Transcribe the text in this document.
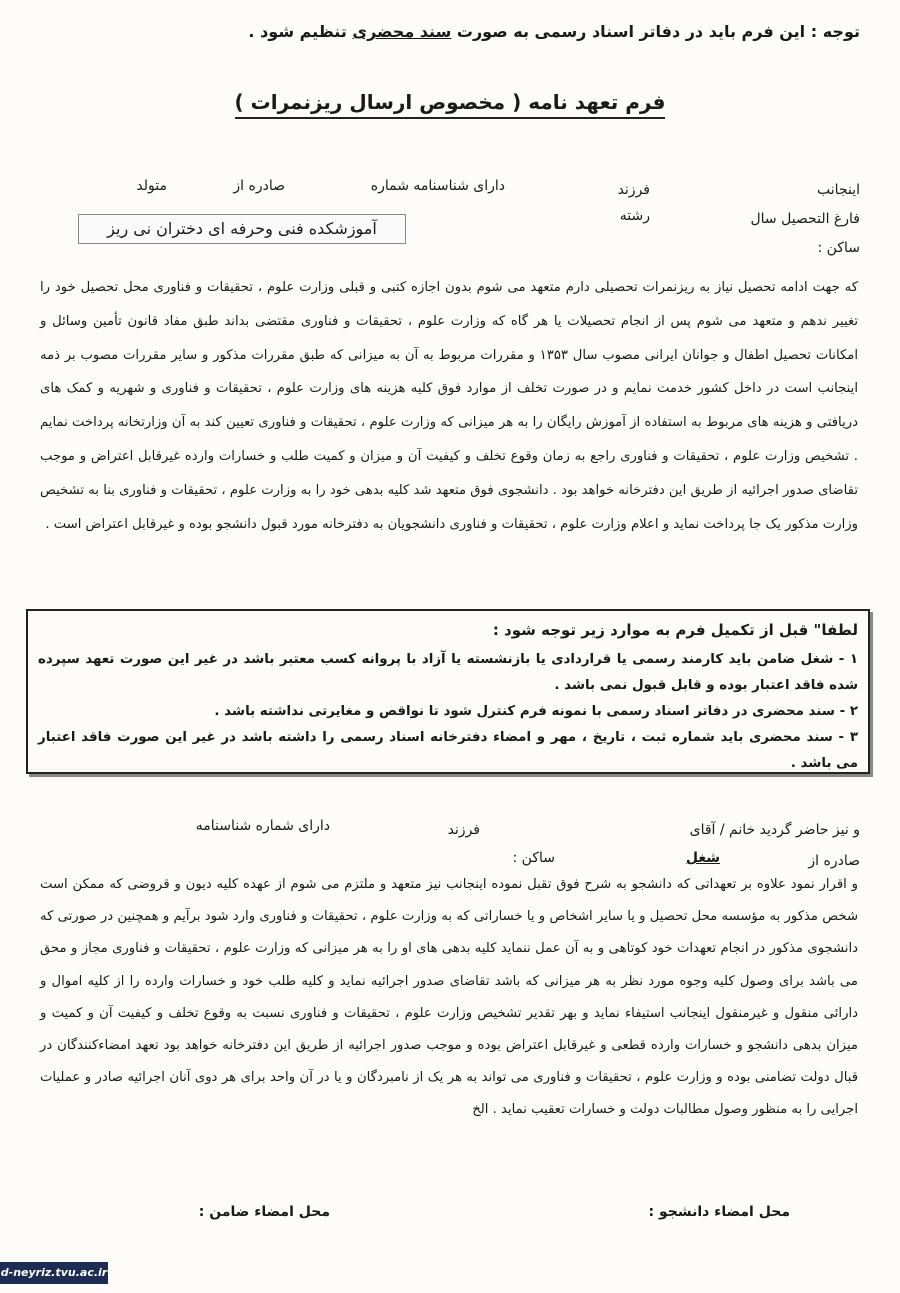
توجه : این فرم باید در دفاتر اسناد رسمی به صورت سند محضری تنظیم شود .
فرم تعهد نامه ( مخصوص ارسال ریزنمرات )
اینجانب
فرزند
دارای شناسنامه شماره
صادره از
متولد
فارغ التحصیل سال
رشته
آموزشکده فنی وحرفه ای دختران نی ریز
ساکن :

که جهت ادامه تحصیل نیاز به ریزنمرات تحصیلی دارم متعهد می شوم بدون اجازه کتبی و قبلی وزارت علوم ، تحقیقات و فناوری محل تحصیل خود را تغییر ندهم و متعهد می شوم پس از انجام تحصیلات یا هر گاه که وزارت علوم ، تحقیقات و فناوری مقتضی بداند طبق مفاد قانون تأمین وسائل و امکانات تحصیل اطفال و جوانان ایرانی مصوب سال ۱۳۵۳ و مقررات مربوط به آن به میزانی که طبق مقررات مذکور و سایر مقررات مصوب بر ذمه اینجانب است در داخل کشور خدمت نمایم و در صورت تخلف از موارد فوق کلیه هزینه های وزارت علوم ، تحقیقات و فناوری و شهریه و کمک های دریافتی و هزینه های مربوط به استفاده از آموزش رایگان را به هر میزانی که وزارت علوم ، تحقیقات و فناوری تعیین کند به آن وزارتخانه پرداخت نمایم . تشخیص وزارت علوم ، تحقیقات و فناوری راجع به زمان وقوع تخلف و کیفیت آن و میزان و کمیت طلب و خسارات وارده غیرقابل اعتراض و موجب تقاضای صدور اجرائیه از طریق این دفترخانه خواهد بود . دانشجوی فوق متعهد شد کلیه بدهی خود را به وزارت علوم ، تحقیقات و فناوری بنا به تشخیص وزارت مذکور یک جا پرداخت نماید و اعلام وزارت علوم ، تحقیقات و فناوری دانشجویان به دفترخانه مورد قبول دانشجو بوده و غیرقابل اعتراض است .

لطفا" قبل از تکمیل فرم به موارد زیر توجه شود :

۱ - شغل ضامن باید کارمند رسمی یا قراردادی یا بازنشسته یا آزاد با پروانه کسب معتبر باشد در غیر این صورت تعهد سپرده شده فاقد اعتبار بوده و قابل قبول نمی باشد .

۲ - سند محضری در دفاتر اسناد رسمی با نمونه فرم کنترل شود تا نواقص و مغایرتی نداشته باشد .

۳ - سند محضری باید شماره ثبت ، تاریخ ، مهر و امضاء دفترخانه اسناد رسمی را داشته باشد در غیر این صورت فاقد اعتبار می باشد .

و نیز حاضر گردید خانم / آقای
فرزند
دارای شماره شناسنامه
صادره از
شغل
ساکن :

و اقرار نمود علاوه بر تعهداتی که دانشجو به شرح فوق تقبل نموده اینجانب نیز متعهد و ملتزم می شوم از عهده کلیه دیون و قروضی که ممکن است شخص مذکور به مؤسسه محل تحصیل و یا سایر اشخاص و یا خساراتی که به وزارت علوم ، تحقیقات و فناوری وارد شود برآیم و همچنین در صورتی که دانشجوی مذکور در انجام تعهدات خود کوتاهی و به آن عمل ننماید کلیه بدهی های او را به هر میزانی که وزارت علوم ، تحقیقات و فناوری مجاز و محق می باشد برای وصول کلیه وجوه مورد نظر به هر میزانی که باشد تقاضای صدور اجرائیه نماید و کلیه طلب خود و خسارات وارده را از کلیه اموال و دارائی منقول و غیرمنقول اینجانب استیفاء نماید و بهر تقدیر تشخیص وزارت علوم ، تحقیقات و فناوری نسبت به وقوع تخلف و کیفیت آن و کمیت و میزان بدهی دانشجو و خسارات وارده قطعی و غیرقابل اعتراض بوده و موجب صدور اجرائیه از طریق این دفترخانه خواهد بود تعهد امضاءکنندگان در قبال دولت تضامنی بوده و وزارت علوم ، تحقیقات و فناوری می تواند به هر یک از نامبردگان و یا در آن واحد برای هر دوی آنان اجرائیه صادر و عملیات اجرایی را به منظور وصول مطالبات دولت و خسارات تعقیب نماید . الخ

محل امضاء دانشجو :
محل امضاء ضامن :
d-neyriz.tvu.ac.ir
